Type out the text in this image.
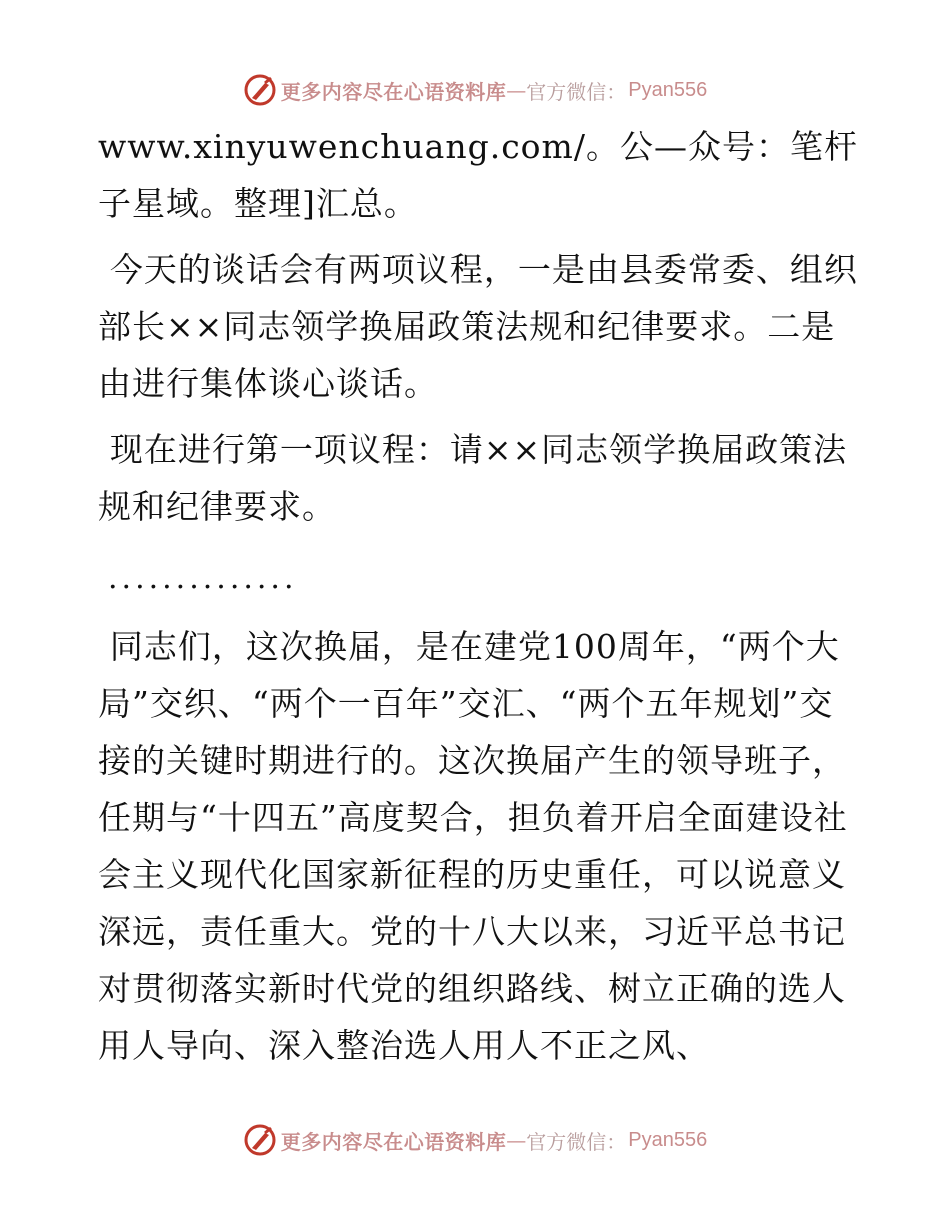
更多内容尽在心语资料库 — 官方微信： Pyan556

www.xinyuwenchuang.com/。公—众号：笔杆子星域。整理]汇总。

今天的谈话会有两项议程，一是由县委常委、组织部长××同志领学换届政策法规和纪律要求。二是由进行集体谈心谈话。

现在进行第一项议程：请××同志领学换届政策法规和纪律要求。

..............

同志们，这次换届，是在建党100周年，“两个大局”交织、“两个一百年”交汇、“两个五年规划”交接的关键时期进行的。这次换届产生的领导班子，任期与“十四五”高度契合，担负着开启全面建设社会主义现代化国家新征程的历史重任，可以说意义深远，责任重大。党的十八大以来，习近平总书记对贯彻落实新时代党的组织路线、树立正确的选人用人导向、深入整治选人用人不正之风、

更多内容尽在心语资料库 — 官方微信： Pyan556
